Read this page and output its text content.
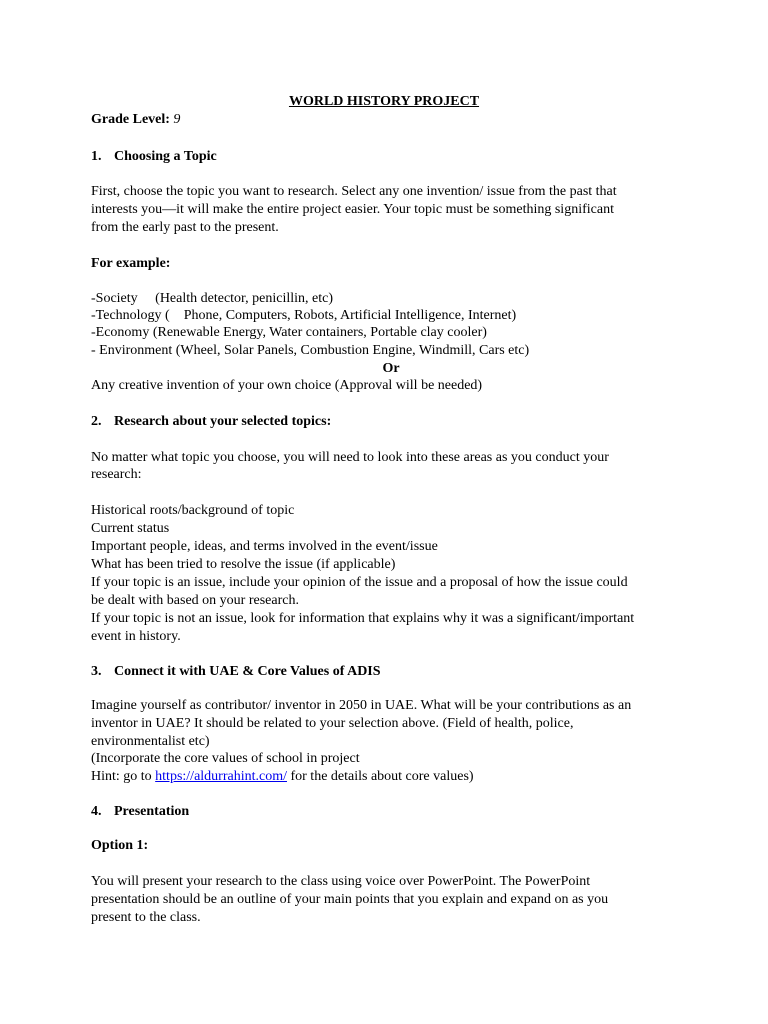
WORLD HISTORY PROJECT
Grade Level: 9
1. Choosing a Topic
First, choose the topic you want to research. Select any one invention/ issue from the past that
interests you—it will make the entire project easier. Your topic must be something significant
from the early past to the present.
For example:
-Society     (Health detector, penicillin, etc)
-Technology (    Phone, Computers, Robots, Artificial Intelligence, Internet)
-Economy (Renewable Energy, Water containers, Portable clay cooler)
- Environment (Wheel, Solar Panels, Combustion Engine, Windmill, Cars etc)
Or
Any creative invention of your own choice (Approval will be needed)
2. Research about your selected topics:
No matter what topic you choose, you will need to look into these areas as you conduct your
research:
Historical roots/background of topic
Current status
Important people, ideas, and terms involved in the event/issue
What has been tried to resolve the issue (if applicable)
If your topic is an issue, include your opinion of the issue and a proposal of how the issue could
be dealt with based on your research.
If your topic is not an issue, look for information that explains why it was a significant/important
event in history.
3. Connect it with UAE & Core Values of ADIS
Imagine yourself as contributor/ inventor in 2050 in UAE. What will be your contributions as an
inventor in UAE? It should be related to your selection above. (Field of health, police,
environmentalist etc)
(Incorporate the core values of school in project
Hint: go to https://aldurrahint.com/ for the details about core values)
4. Presentation
Option 1:
You will present your research to the class using voice over PowerPoint. The PowerPoint
presentation should be an outline of your main points that you explain and expand on as you
present to the class.
